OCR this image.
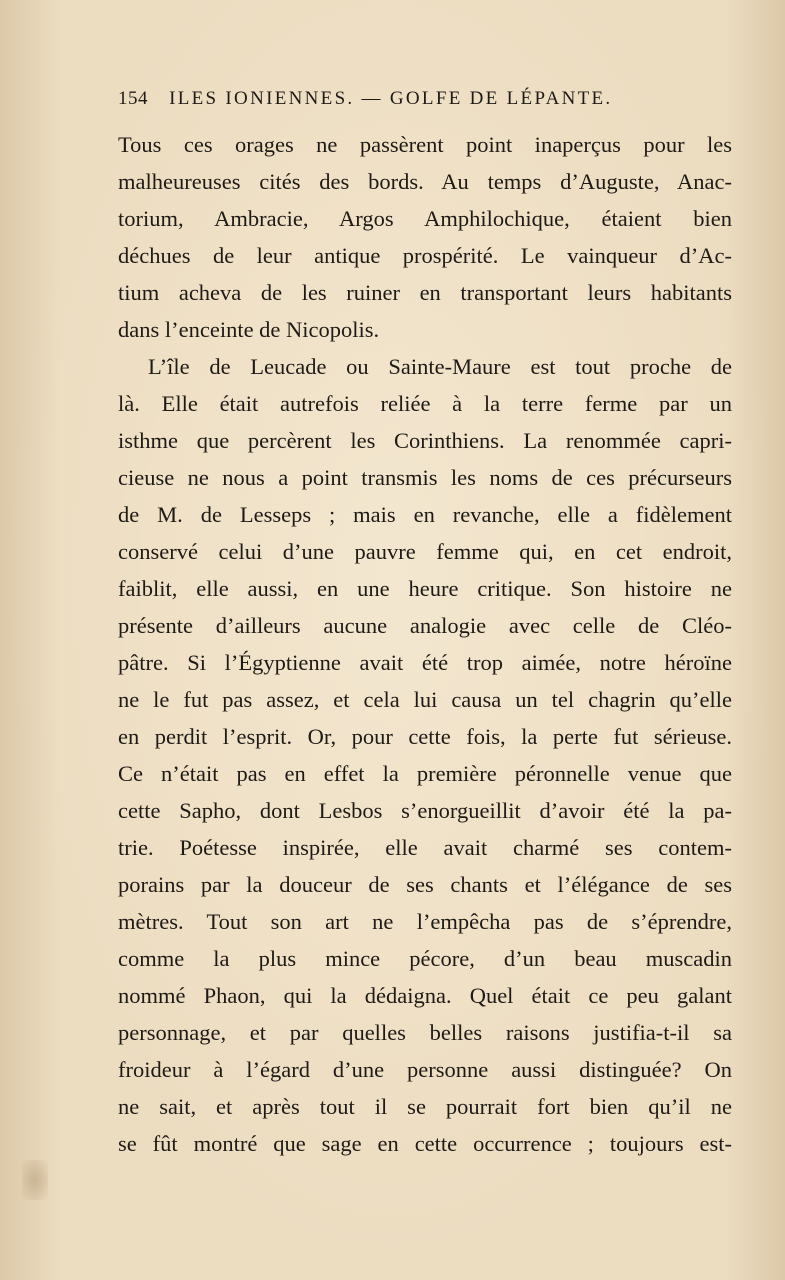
154 ILES IONIENNES. — GOLFE DE LÉPANTE.
Tous ces orages ne passèrent point inaperçus pour les
malheureuses cités des bords. Au temps d’Auguste, Anac-
torium, Ambracie, Argos Amphilochique, étaient bien
déchues de leur antique prospérité. Le vainqueur d’Ac-
tium acheva de les ruiner en transportant leurs habitants
dans l’enceinte de Nicopolis.
L’île de Leucade ou Sainte-Maure est tout proche de
là. Elle était autrefois reliée à la terre ferme par un
isthme que percèrent les Corinthiens. La renommée capri-
cieuse ne nous a point transmis les noms de ces précurseurs
de M. de Lesseps ; mais en revanche, elle a fidèlement
conservé celui d’une pauvre femme qui, en cet endroit,
faiblit, elle aussi, en une heure critique. Son histoire ne
présente d’ailleurs aucune analogie avec celle de Cléo-
pâtre. Si l’Égyptienne avait été trop aimée, notre héroïne
ne le fut pas assez, et cela lui causa un tel chagrin qu’elle
en perdit l’esprit. Or, pour cette fois, la perte fut sérieuse.
Ce n’était pas en effet la première péronnelle venue que
cette Sapho, dont Lesbos s’enorgueillit d’avoir été la pa-
trie. Poétesse inspirée, elle avait charmé ses contem-
porains par la douceur de ses chants et l’élégance de ses
mètres. Tout son art ne l’empêcha pas de s’éprendre,
comme la plus mince pécore, d’un beau muscadin
nommé Phaon, qui la dédaigna. Quel était ce peu galant
personnage, et par quelles belles raisons justifia-t-il sa
froideur à l’égard d’une personne aussi distinguée? On
ne sait, et après tout il se pourrait fort bien qu’il ne
se fût montré que sage en cette occurrence ; toujours est-
